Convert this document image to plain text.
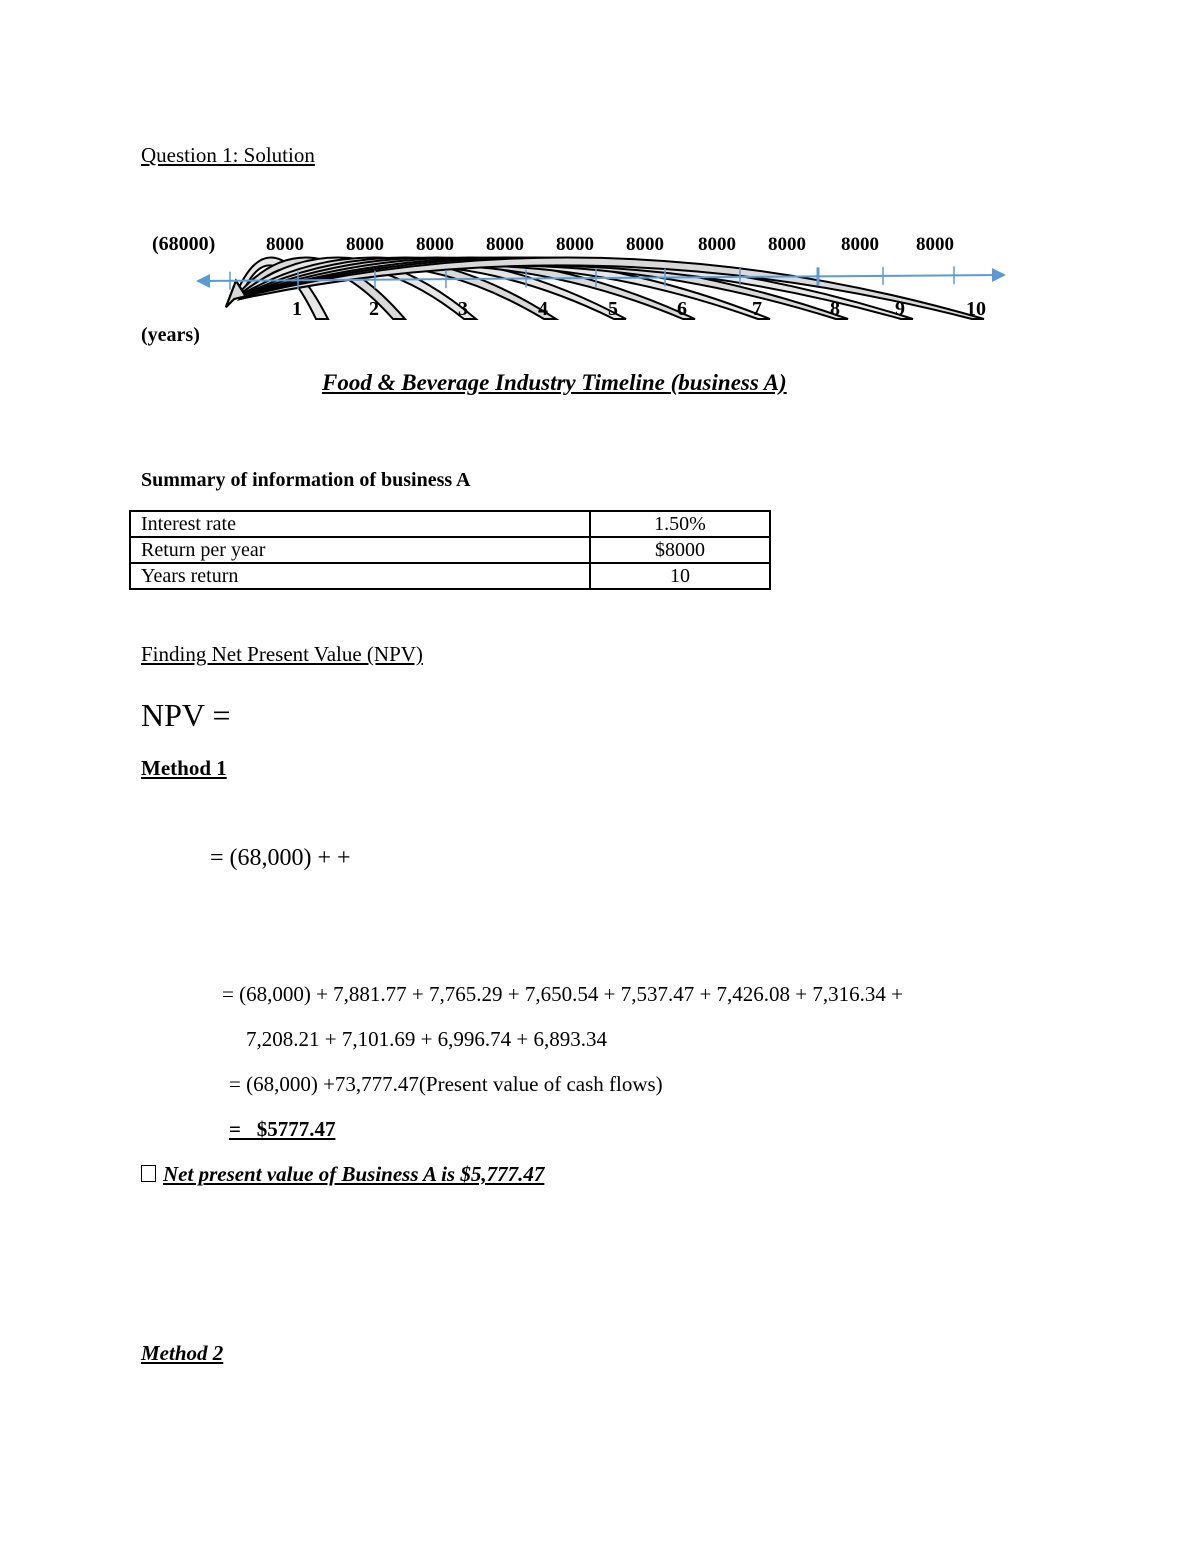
Question 1: Solution
(68000)
1	2	3	4	5	6	7	8	9	10
8000 8000 8000 8000 8000 8000 8000 8000 8000 8000
(years)
Food & Beverage Industry Timeline (business A)
Summary of information of business A
Interest rate	1.50%
Return per year	$8000
Years return	10
Finding Net Present Value (NPV)
NPV =
Method 1
= (68,000) + +
= (68,000) + 7,881.77 + 7,765.29 + 7,650.54 + 7,537.47 + 7,426.08 + 7,316.34 +
7,208.21 + 7,101.69 + 6,996.74 + 6,893.34
= (68,000) +73,777.47(Present value of cash flows)
=   $5777.47
Net present value of Business A is $5,777.47
Method 2
